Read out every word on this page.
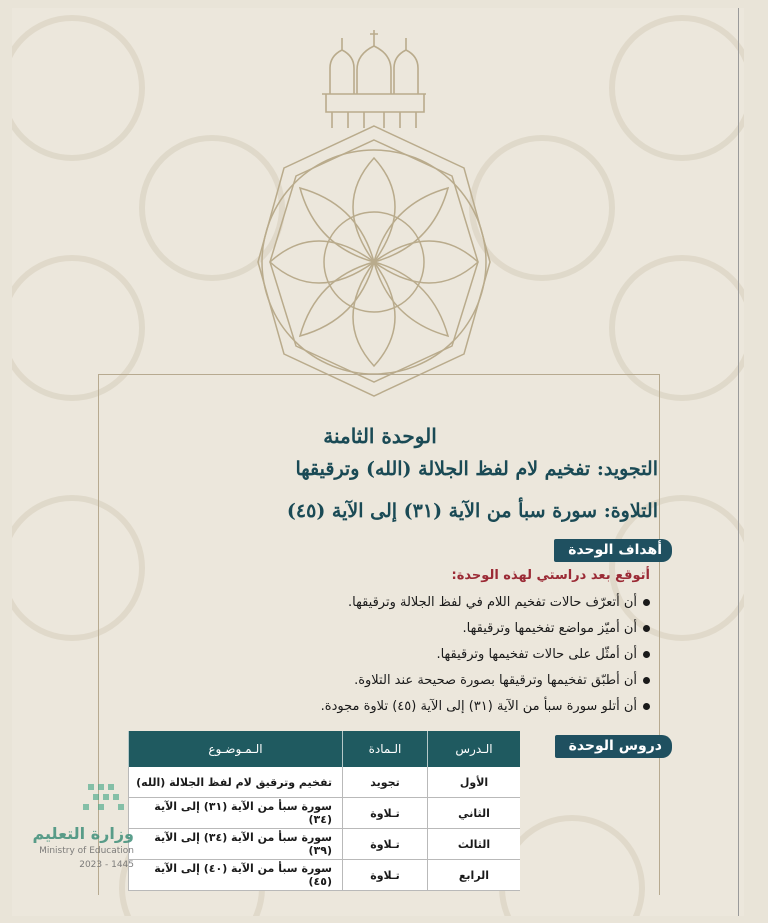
الوحدة الثامنة
التجويد: تفخيم لام لفظ الجلالة (الله) وترقيقها
التلاوة: سورة سبأ من الآية (٣١) إلى الآية (٤٥)
أهداف الوحدة
أتوقع بعد دراستي لهذه الوحدة:
أن أتعرّف حالات تفخيم اللام في لفظ الجلالة وترقيقها.
أن أميّز مواضع تفخيمها وترقيقها.
أن أمثّل على حالات تفخيمها وترقيقها.
أن أطبّق تفخيمها وترقيقها بصورة صحيحة عند التلاوة.
أن أتلو سورة سبأ من الآية (٣١) إلى الآية (٤٥) تلاوة مجودة.
دروس الوحدة
الـدرس	الـمادة	الـمـوضـوع
الأول	تجويد	تفخيم وترقيق لام لفظ الجلالة (الله)
الثاني	تـلاوة	سورة سبأ من الآية (٣١) إلى الآية (٣٤)
الثالث	تـلاوة	سورة سبأ من الآية (٣٤) إلى الآية (٣٩)
الرابع	تـلاوة	سورة سبأ من الآية (٤٠) إلى الآية (٤٥)
وزارة التعليم
Ministry of Education
2023 - 1445
